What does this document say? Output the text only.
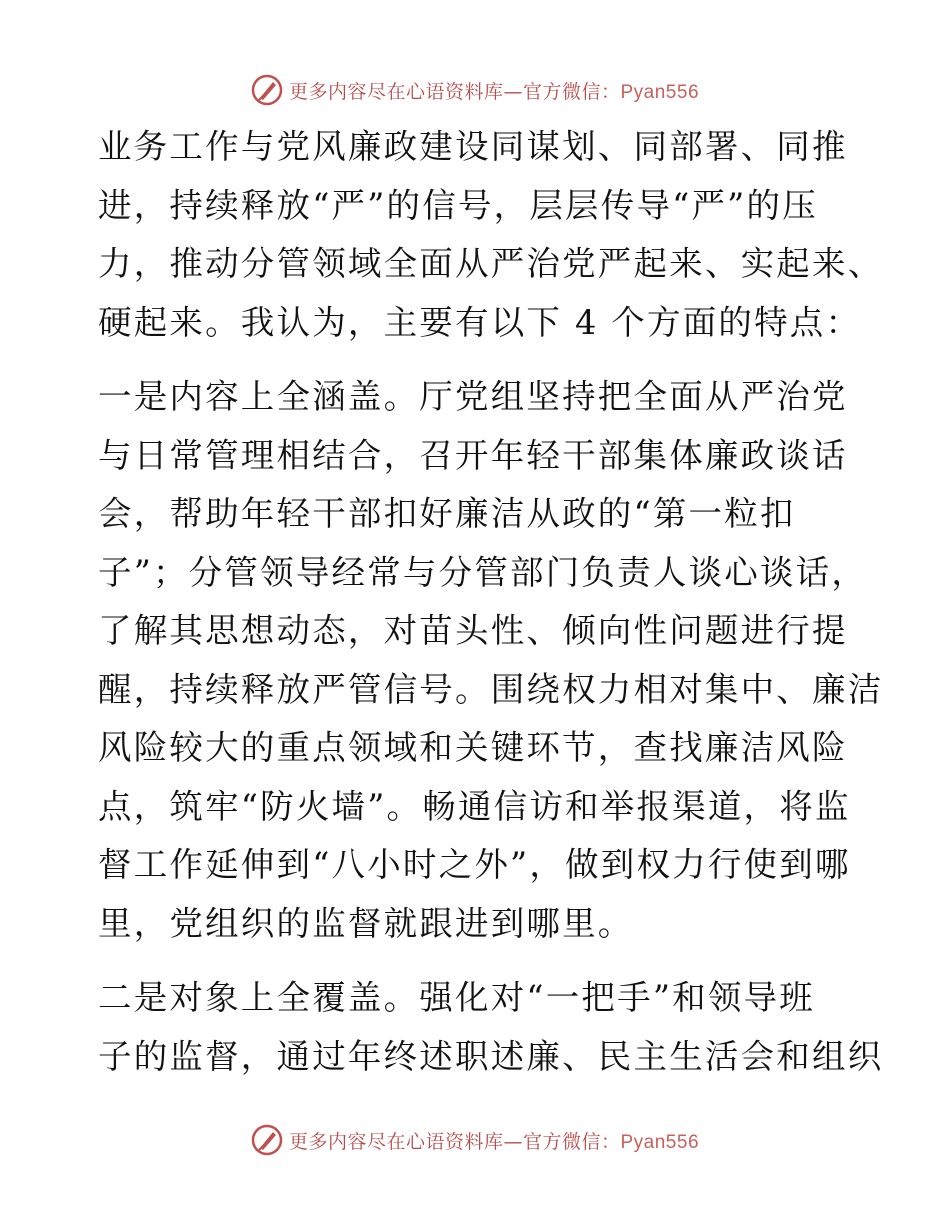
更多内容尽在心语资料库—官方微信：Pyan556

业务工作与党风廉政建设同谋划、同部署、同推
进，持续释放“严”的信号，层层传导“严”的压
力，推动分管领域全面从严治党严起来、实起来、
硬起来。我认为，主要有以下 4 个方面的特点：

一是内容上全涵盖。厅党组坚持把全面从严治党
与日常管理相结合，召开年轻干部集体廉政谈话
会，帮助年轻干部扣好廉洁从政的“第一粒扣
子”；分管领导经常与分管部门负责人谈心谈话，
了解其思想动态，对苗头性、倾向性问题进行提
醒，持续释放严管信号。围绕权力相对集中、廉洁
风险较大的重点领域和关键环节，查找廉洁风险
点，筑牢“防火墙”。畅通信访和举报渠道，将监
督工作延伸到“八小时之外”，做到权力行使到哪
里，党组织的监督就跟进到哪里。

二是对象上全覆盖。强化对“一把手”和领导班
子的监督，通过年终述职述廉、民主生活会和组织

更多内容尽在心语资料库—官方微信：Pyan556
